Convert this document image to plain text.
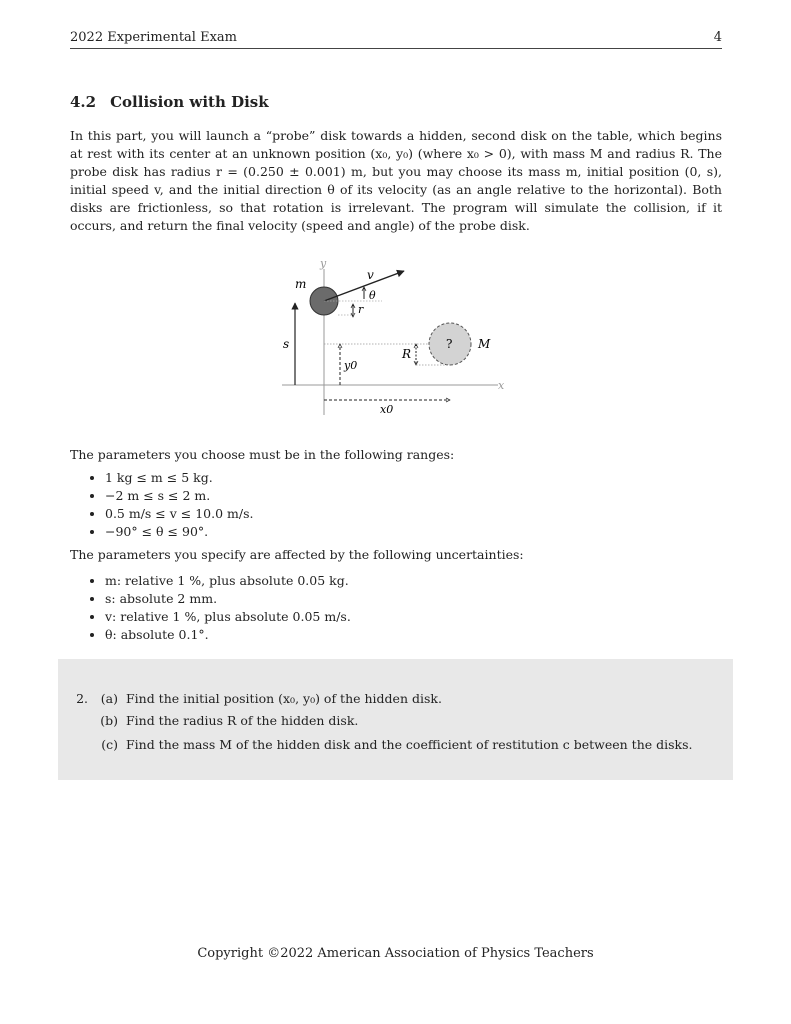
2022 Experimental Exam	4
4.2 Collision with Disk

In this part, you will launch a “probe” disk towards a hidden, second disk on the table, which begins at rest with its center at an unknown position (x₀, y₀) (where x₀ > 0), with mass M and radius R. The probe disk has radius r = (0.250 ± 0.001) m, but you may choose its mass m, initial position (0, s), initial speed v, and the initial direction θ of its velocity (as an angle relative to the horizontal). Both disks are frictionless, so that rotation is irrelevant. The program will simulate the collision, if it occurs, and return the final velocity (speed and angle) of the probe disk.

y
x
s
m
v
θ
r
y0
? M
R
x0

The parameters you choose must be in the following ranges:

• 1 kg ≤ m ≤ 5 kg.
• −2 m ≤ s ≤ 2 m.
• 0.5 m/s ≤ v ≤ 10.0 m/s.
• −90° ≤ θ ≤ 90°.

The parameters you specify are affected by the following uncertainties:

• m: relative 1 %, plus absolute 0.05 kg.
• s: absolute 2 mm.
• v: relative 1 %, plus absolute 0.05 m/s.
• θ: absolute 0.1°.
2. (a) Find the initial position (x₀, y₀) of the hidden disk.
(b) Find the radius R of the hidden disk.
(c) Find the mass M of the hidden disk and the coefficient of restitution c between the disks.
Copyright ©2022 American Association of Physics Teachers
